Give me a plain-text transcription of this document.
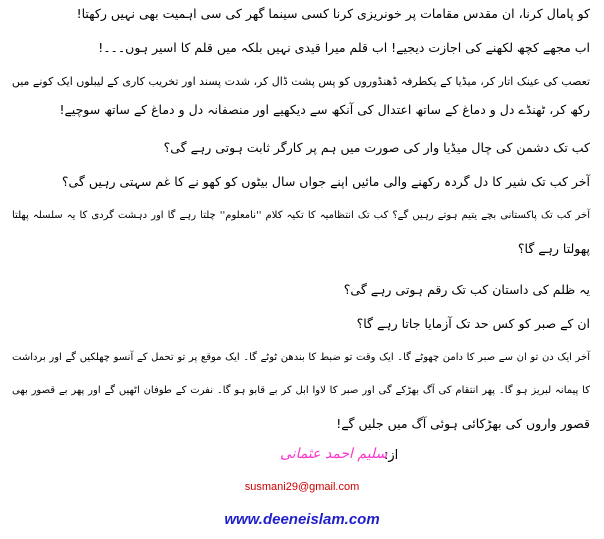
کو پامال کرنا، ان مقدس مقامات پر خونریزی کرنا کسی سینما گھر کی سی اہمیت بھی نہیں رکھتا!
اب مجھے کچھ لکھنے کی اجازت دیجیے! اب قلم میرا قیدی نہیں بلکہ میں قلم کا اسیر ہوں۔۔۔!
تعصب کی عینک اتار کر، میڈیا کے یکطرفہ ڈھنڈوروں کو پس پشت ڈال کر، شدت پسند اور تخریب کاری کے لیبلوں ایک کونے میں
رکھ کر، ٹھنڈے دل و دماغ کے ساتھ اعتدال کی آنکھ سے دیکھیے اور منصفانہ دل و دماغ کے ساتھ سوچیے!
کب تک دشمن کی چال میڈیا وار کی صورت میں ہم پر کارگر ثابت ہوتی رہے گی؟
آخر کب تک شیر کا دل گردہ رکھنے والی مائیں اپنے جواں سال بیٹوں کو کھو نے کا غم سہتی رہیں گی؟
آخر کب تک پاکستانی بچے یتیم ہوتے رہیں گے؟ کب تک انتظامیہ کا تکیہ کلام ''نامعلوم'' چلتا رہے گا اور دہشت گردی کا یہ سلسلہ پھلتا
پھولتا رہے گا؟
یہ ظلم کی داستان کب تک رقم ہوتی رہے گی؟
ان کے صبر کو کس حد تک آزمایا جاتا رہے گا؟
آخر ایک دن تو ان سے صبر کا دامن چھوٹے گا۔ ایک وقت تو ضبط کا بندھن ٹوٹے گا۔ ایک موقع پر تو تحمل کے آنسو چھلکیں گے اور برداشت
کا پیمانہ لبریز ہو گا۔ پھر انتقام کی آگ بھڑکے گی اور صبر کا لاوا ابل کر بے قابو ہو گا۔ نفرت کے طوفان اٹھیں گے اور پھر بے قصور بھی
قصور واروں کی بھڑکائی ہوئی آگ میں جلیں گے!
از:
سلیم احمد عثمانی
susmani29@gmail.com
www.deeneislam.com
